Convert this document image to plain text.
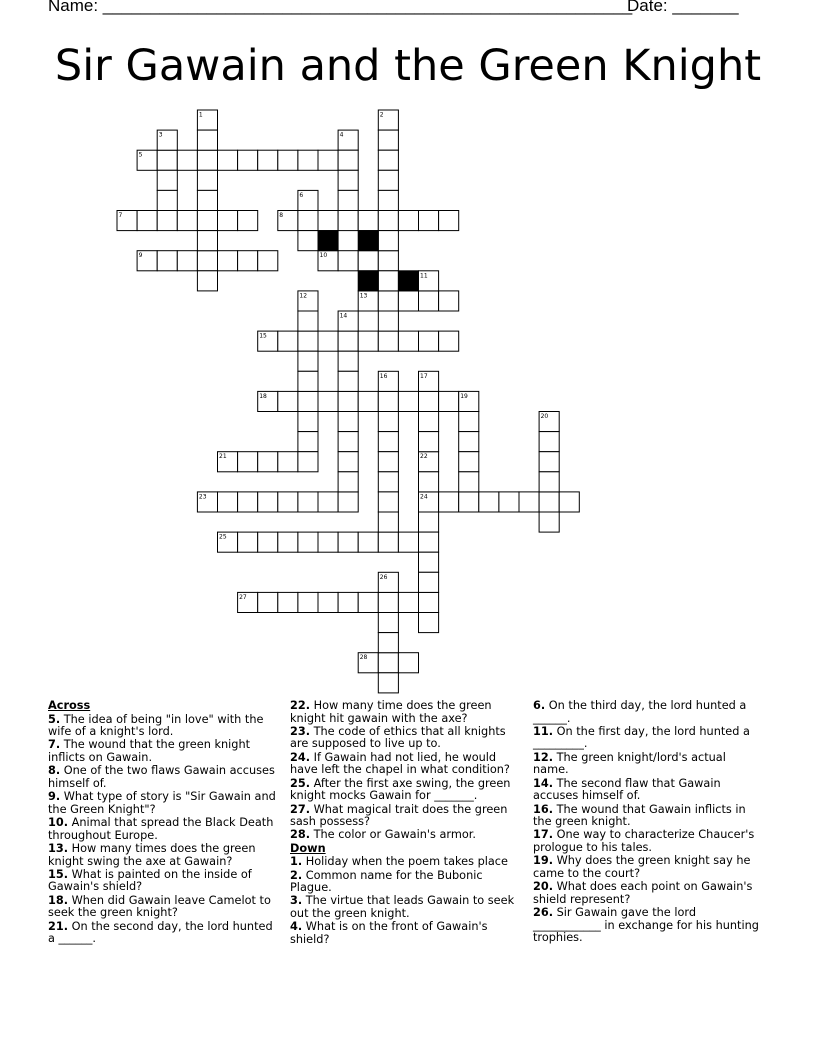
Name: ________________________________________________________
Date: _______
Sir Gawain and the Green Knight
1	2
3	4
5
6
7	8
9	10
11
12	13
14
15
16	17
18	19
20
21	22
23	24
25
26
27
28
Across
5. The idea of being "in love" with the wife of a knight's lord.
7. The wound that the green knight inflicts on Gawain.
8. One of the two flaws Gawain accuses himself of.
9. What type of story is "Sir Gawain and the Green Knight"?
10. Animal that spread the Black Death throughout Europe.
13. How many times does the green knight swing the axe at Gawain?
15. What is painted on the inside of Gawain's shield?
18. When did Gawain leave Camelot to seek the green knight?
21. On the second day, the lord hunted a ______.
22. How many time does the green knight hit gawain with the axe?
23. The code of ethics that all knights are supposed to live up to.
24. If Gawain had not lied, he would have left the chapel in what condition?
25. After the first axe swing, the green knight mocks Gawain for _______.
27. What magical trait does the green sash possess?
28. The color or Gawain's armor.
Down
1. Holiday when the poem takes place
2. Common name for the Bubonic Plague.
3. The virtue that leads Gawain to seek out the green knight.
4. What is on the front of Gawain's shield?
6. On the third day, the lord hunted a ______.
11. On the first day, the lord hunted a _________.
12. The green knight/lord's actual name.
14. The second flaw that Gawain accuses himself of.
16. The wound that Gawain inflicts in the green knight.
17. One way to characterize Chaucer's prologue to his tales.
19. Why does the green knight say he came to the court?
20. What does each point on Gawain's shield represent?
26. Sir Gawain gave the lord ____________ in exchange for his hunting trophies.
